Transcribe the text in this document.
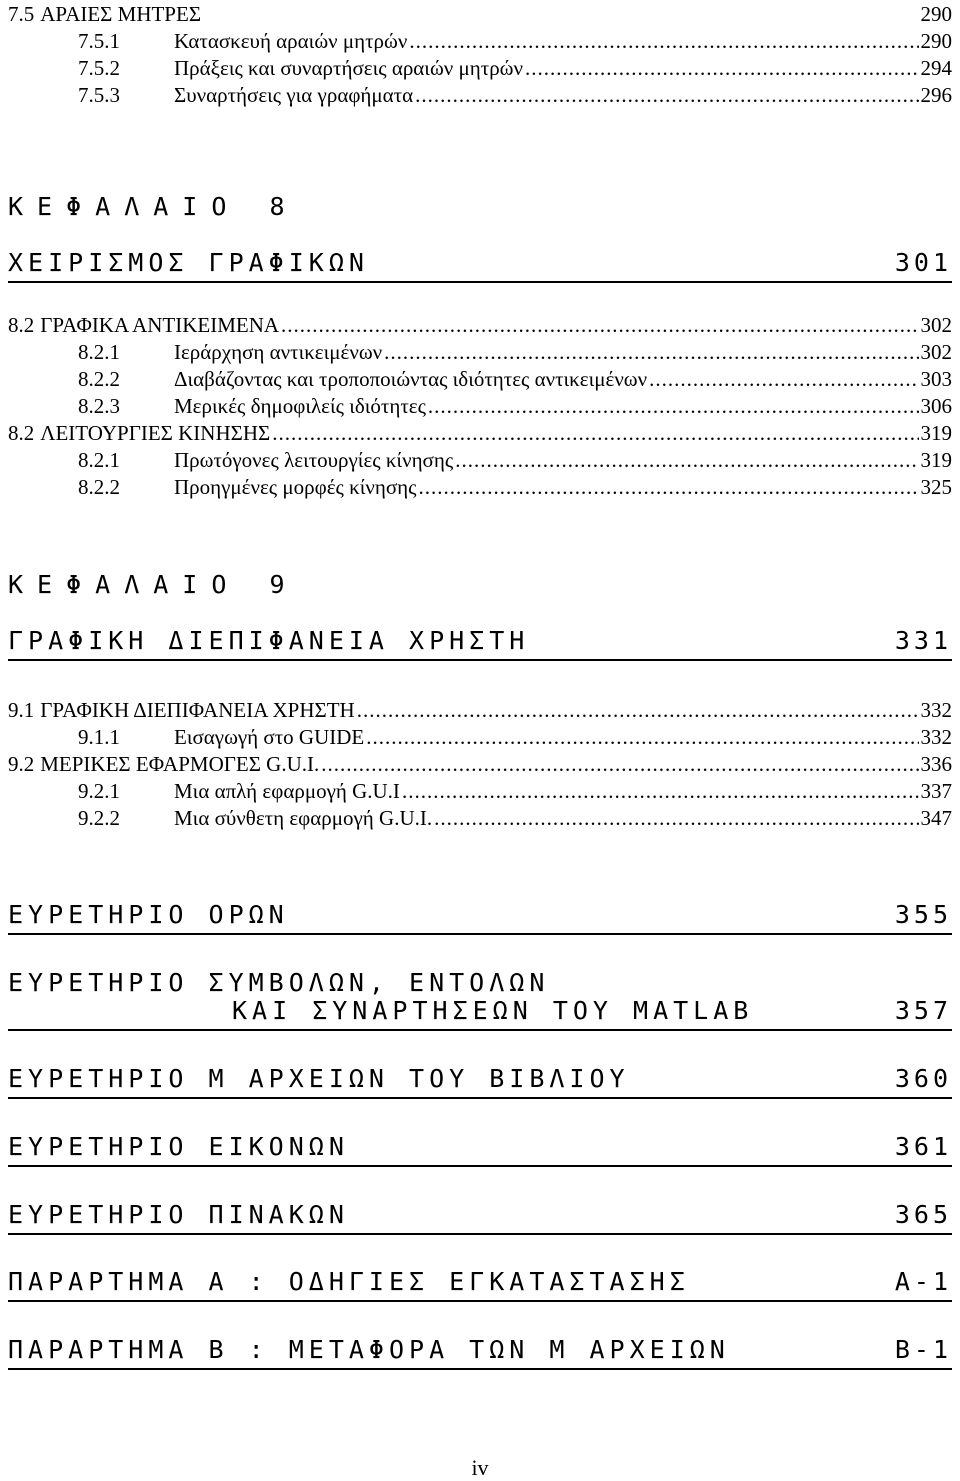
7.5 ΑΡΑΙΕΣ ΜΗΤΡΕΣ	290
7.5.1	Κατασκευή αραιών μητρών .....	290
7.5.2	Πράξεις και συναρτήσεις αραιών μητρών .....	294
7.5.3	Συναρτήσεις για γραφήματα .....	296
ΚΕΦΑΛΑΙΟ 8
ΧΕΙΡΙΣΜΟΣ ΓΡΑΦΙΚΩΝ	301
8.2 ΓΡΑΦΙΚΑ ΑΝΤΙΚΕΙΜΕΝΑ .....	302
8.2.1	Ιεράρχηση αντικειμένων .....	302
8.2.2	Διαβάζοντας και τροποποιώντας ιδιότητες αντικειμένων .....	303
8.2.3	Μερικές δημοφιλείς ιδιότητες .....	306
8.2 ΛΕΙΤΟΥΡΓΙΕΣ ΚΙΝΗΣΗΣ .....	319
8.2.1	Πρωτόγονες λειτουργίες κίνησης .....	319
8.2.2	Προηγμένες μορφές κίνησης .....	325
ΚΕΦΑΛΑΙΟ 9
ΓΡΑΦΙΚΗ ΔΙΕΠΙΦΑΝΕΙΑ ΧΡΗΣΤΗ	331
9.1 ΓΡΑΦΙΚΗ ΔΙΕΠΙΦΑΝΕΙΑ ΧΡΗΣΤΗ .....	332
9.1.1	Εισαγωγή στο GUIDE .....	332
9.2 ΜΕΡΙΚΕΣ ΕΦΑΡΜΟΓΕΣ G.U.I. .....	336
9.2.1	Μια απλή εφαρμογή G.U.I .....	337
9.2.2	Μια σύνθετη εφαρμογή G.U.I. .....	347
ΕΥΡΕΤΗΡΙΟ ΟΡΩΝ	355
ΕΥΡΕΤΗΡΙΟ ΣΥΜΒΟΛΩΝ, ΕΝΤΟΛΩΝ
ΚΑΙ ΣΥΝΑΡΤΗΣΕΩΝ ΤΟΥ MATLAB	357
ΕΥΡΕΤΗΡΙΟ Μ ΑΡΧΕΙΩΝ ΤΟΥ ΒΙΒΛΙΟΥ	360
ΕΥΡΕΤΗΡΙΟ ΕΙΚΟΝΩΝ	361
ΕΥΡΕΤΗΡΙΟ ΠΙΝΑΚΩΝ	365
ΠΑΡΑΡΤΗΜΑ Α : ΟΔΗΓΙΕΣ ΕΓΚΑΤΑΣΤΑΣΗΣ	Α-1
ΠΑΡΑΡΤΗΜΑ Β : ΜΕΤΑΦΟΡΑ ΤΩΝ Μ ΑΡΧΕΙΩΝ	Β-1
iv
